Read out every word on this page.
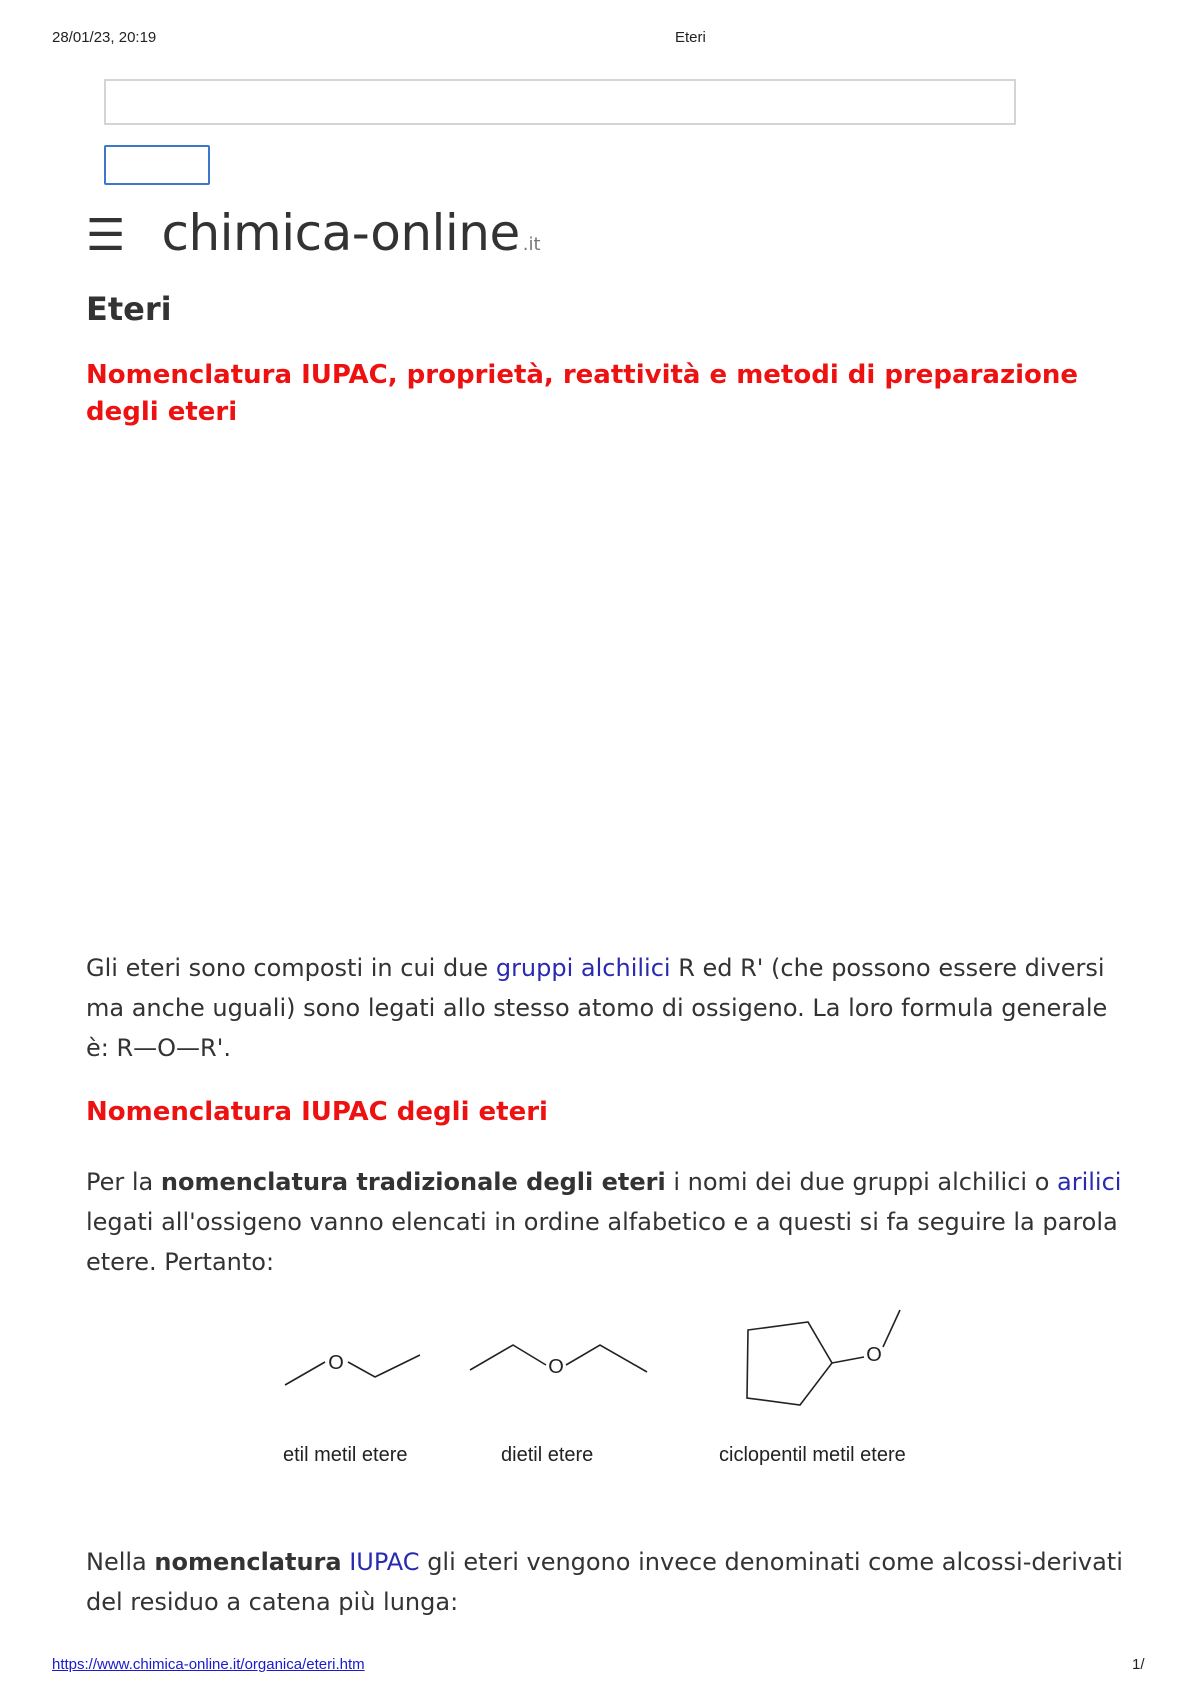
28/01/23, 20:19	Eteri
☰ chimica-online .it
Eteri
Nomenclatura IUPAC, proprietà, reattività e metodi di preparazione degli eteri

Gli eteri sono composti in cui due gruppi alchilici R ed R' (che possono essere diversi ma anche uguali) sono legati allo stesso atomo di ossigeno. La loro formula generale è: R—O—R'.

Nomenclatura IUPAC degli eteri

Per la nomenclatura tradizionale degli eteri i nomi dei due gruppi alchilici o arilici legati all'ossigeno vanno elencati in ordine alfabetico e a questi si fa seguire la parola etere. Pertanto:

O	O
O
etil metil etere	dietil etere	ciclopentil metil etere

Nella nomenclatura IUPAC gli eteri vengono invece denominati come alcossi-derivati del residuo a catena più lunga:

https://www.chimica-online.it/organica/eteri.htm	1/
